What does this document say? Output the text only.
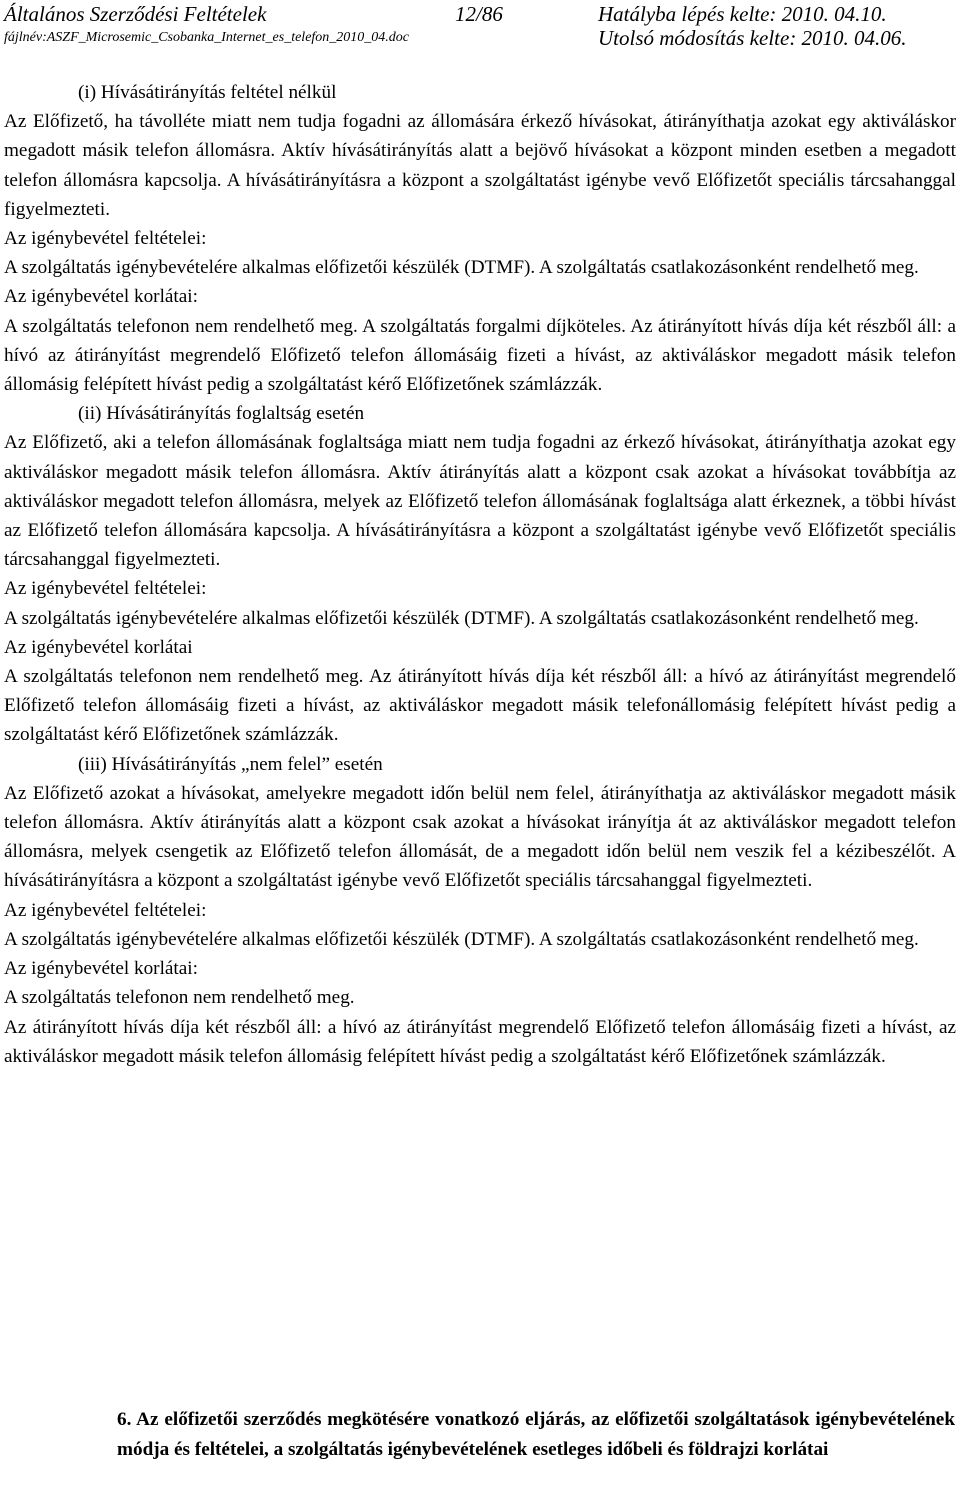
Általános Szerződési Feltételek	12/86	Hatályba lépés kelte: 2010. 04.10.
fájlnév:ASZF_Microsemic_Csobanka_Internet_es_telefon_2010_04.doc	Utolsó módosítás kelte: 2010. 04.06.

(i) Hívásátirányítás feltétel nélkül

Az Előfizető, ha távolléte miatt nem tudja fogadni az állomására érkező hívásokat, átirányíthatja azokat egy aktiváláskor megadott másik telefon állomásra. Aktív hívásátirányítás alatt a bejövő hívásokat a központ minden esetben a megadott telefon állomásra kapcsolja. A hívásátirányításra a központ a szolgáltatást igénybe vevő Előfizetőt speciális tárcsahanggal figyelmezteti.

Az igénybevétel feltételei:

A szolgáltatás igénybevételére alkalmas előfizetői készülék (DTMF). A szolgáltatás csatlakozásonként rendelhető meg.

Az igénybevétel korlátai:

A szolgáltatás telefonon nem rendelhető meg. A szolgáltatás forgalmi díjköteles. Az átirányított hívás díja két részből áll: a hívó az átirányítást megrendelő Előfizető telefon állomásáig fizeti a hívást, az aktiváláskor megadott másik telefon állomásig felépített hívást pedig a szolgáltatást kérő Előfizetőnek számlázzák.

(ii) Hívásátirányítás foglaltság esetén

Az Előfizető, aki a telefon állomásának foglaltsága miatt nem tudja fogadni az érkező hívásokat, átirányíthatja azokat egy aktiváláskor megadott másik telefon állomásra. Aktív átirányítás alatt a központ csak azokat a hívásokat továbbítja az aktiváláskor megadott telefon állomásra, melyek az Előfizető telefon állomásának foglaltsága alatt érkeznek, a többi hívást az Előfizető telefon állomására kapcsolja. A hívásátirányításra a központ a szolgáltatást igénybe vevő Előfizetőt speciális tárcsahanggal figyelmezteti.

Az igénybevétel feltételei:

A szolgáltatás igénybevételére alkalmas előfizetői készülék (DTMF). A szolgáltatás csatlakozásonként rendelhető meg.

Az igénybevétel korlátai

A szolgáltatás telefonon nem rendelhető meg. Az átirányított hívás díja két részből áll: a hívó az átirányítást megrendelő Előfizető telefon állomásáig fizeti a hívást, az aktiváláskor megadott másik telefonállomásig felépített hívást pedig a szolgáltatást kérő Előfizetőnek számlázzák.

(iii) Hívásátirányítás „nem felel” esetén

Az Előfizető azokat a hívásokat, amelyekre megadott időn belül nem felel, átirányíthatja az aktiváláskor megadott másik telefon állomásra. Aktív átirányítás alatt a központ csak azokat a hívásokat irányítja át az aktiváláskor megadott telefon állomásra, melyek csengetik az Előfizető telefon állomását, de a megadott időn belül nem veszik fel a kézibeszélőt. A hívásátirányításra a központ a szolgáltatást igénybe vevő Előfizetőt speciális tárcsahanggal figyelmezteti.

Az igénybevétel feltételei:

A szolgáltatás igénybevételére alkalmas előfizetői készülék (DTMF). A szolgáltatás csatlakozásonként rendelhető meg.

Az igénybevétel korlátai:

A szolgáltatás telefonon nem rendelhető meg.

Az átirányított hívás díja két részből áll: a hívó az átirányítást megrendelő Előfizető telefon állomásáig fizeti a hívást, az aktiváláskor megadott másik telefon állomásig felépített hívást pedig a szolgáltatást kérő Előfizetőnek számlázzák.

6. Az előfizetői szerződés megkötésére vonatkozó eljárás, az előfizetői szolgáltatások igénybevételének módja és feltételei, a szolgáltatás igénybevételének esetleges időbeli és földrajzi korlátai
